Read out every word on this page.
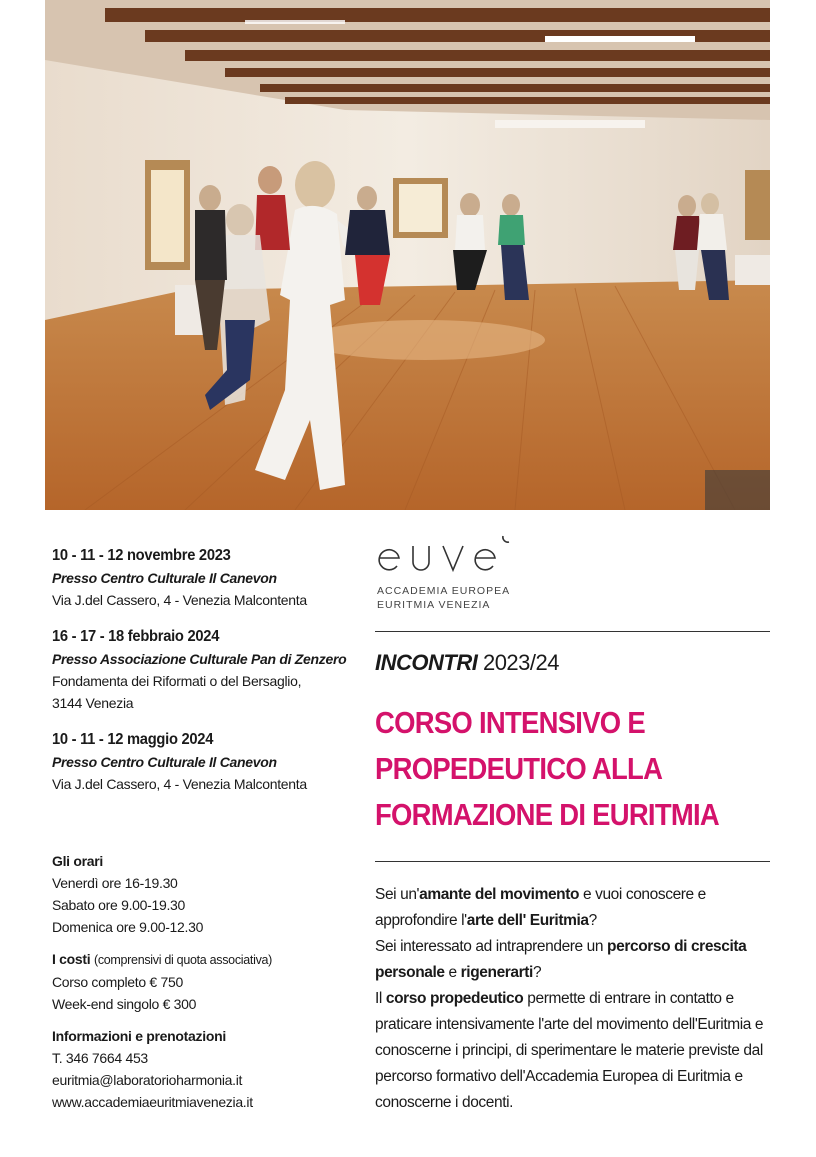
10 - 11 - 12 novembre 2023
Presso Centro Culturale Il Canevon
Via J.del Cassero, 4 - Venezia Malcontenta
16 - 17 - 18 febbraio 2024
Presso Associazione Culturale Pan di Zenzero
Fondamenta dei Riformati o del Bersaglio,
3144 Venezia
10 - 11 - 12 maggio 2024
Presso Centro Culturale Il Canevon
Via J.del Cassero, 4 - Venezia Malcontenta
Gli orari
Venerdì ore 16-19.30
Sabato ore 9.00-19.30
Domenica ore 9.00-12.30
I costi (comprensivi di quota associativa)
Corso completo € 750
Week-end singolo € 300
Informazioni e prenotazioni
T. 346 7664 453
euritmia@laboratorioharmonia.it
www.accademiaeuritmiavenezia.it
ACCADEMIA EUROPEA
EURITMIA VENEZIA
INCONTRI 2023/24
CORSO INTENSIVO E
PROPEDEUTICO ALLA
FORMAZIONE DI EURITMIA

Sei un'amante del movimento e vuoi conoscere e approfondire l'arte dell' Euritmia?

Sei interessato ad intraprendere un percorso di crescita personale e rigenerarti?

Il corso propedeutico permette di entrare in contatto e praticare intensivamente l'arte del movimento dell'Euritmia e conoscerne i principi, di sperimentare le materie previste dal percorso formativo dell'Accademia Europea di Euritmia e conoscerne i docenti.
